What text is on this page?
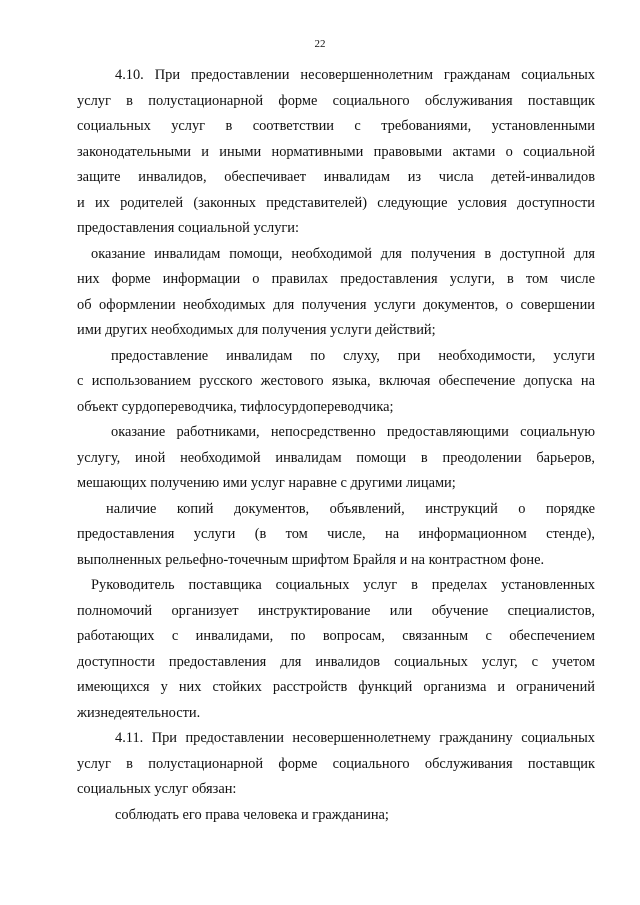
22
4.10. При предоставлении несовершеннолетним гражданам социальных
услуг в полустационарной форме социального обслуживания поставщик
социальных услуг в соответствии с требованиями, установленными
законодательными и иными нормативными правовыми актами о социальной
защите инвалидов, обеспечивает инвалидам из числа детей-инвалидов
и их родителей (законных представителей) следующие условия доступности
предоставления социальной услуги:
оказание инвалидам помощи, необходимой для получения в доступной для
них форме информации о правилах предоставления услуги, в том числе
об оформлении необходимых для получения услуги документов, о совершении
ими других необходимых для получения услуги действий;
предоставление инвалидам по слуху, при необходимости, услуги
с использованием русского жестового языка, включая обеспечение допуска на
объект сурдопереводчика, тифлосурдопереводчика;
оказание работниками, непосредственно предоставляющими социальную
услугу, иной необходимой инвалидам помощи в преодолении барьеров,
мешающих получению ими услуг наравне с другими лицами;
наличие копий документов, объявлений, инструкций о порядке
предоставления услуги (в том числе, на информационном стенде),
выполненных рельефно-точечным шрифтом Брайля и на контрастном фоне.
Руководитель поставщика социальных услуг в пределах установленных
полномочий организует инструктирование или обучение специалистов,
работающих с инвалидами, по вопросам, связанным с обеспечением
доступности предоставления для инвалидов социальных услуг, с учетом
имеющихся у них стойких расстройств функций организма и ограничений
жизнедеятельности.
4.11. При предоставлении несовершеннолетнему гражданину социальных
услуг в полустационарной форме социального обслуживания поставщик
социальных услуг обязан:
соблюдать его права человека и гражданина;
